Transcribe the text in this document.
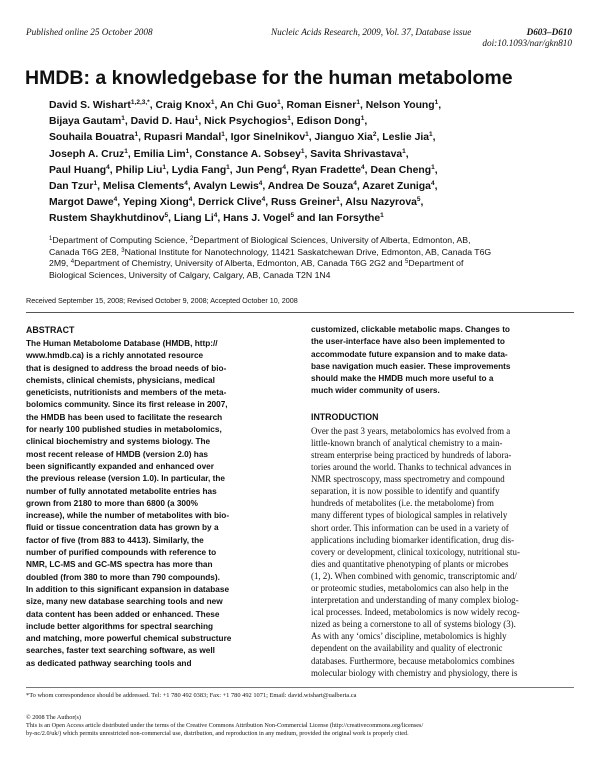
Published online 25 October 2008	Nucleic Acids Research, 2009, Vol. 37, Database issue	D603–D610
doi:10.1093/nar/gkn810
HMDB: a knowledgebase for the human metabolome
David S. Wishart$^{1,2,3,*}$, Craig Knox$^1$, An Chi Guo$^1$, Roman Eisner$^1$, Nelson Young$^1$,
Bijaya Gautam$^1$, David D. Hau$^1$, Nick Psychogios$^1$, Edison Dong$^1$,
Souhaila Bouatra$^1$, Rupasri Mandal$^1$, Igor Sinelnikov$^1$, Jianguo Xia$^2$, Leslie Jia$^1$,
Joseph A. Cruz$^1$, Emilia Lim$^1$, Constance A. Sobsey$^1$, Savita Shrivastava$^1$,
Paul Huang$^4$, Philip Liu$^1$, Lydia Fang$^1$, Jun Peng$^4$, Ryan Fradette$^4$, Dean Cheng$^1$,
Dan Tzur$^1$, Melisa Clements$^4$, Avalyn Lewis$^4$, Andrea De Souza$^4$, Azaret Zuniga$^4$,
Margot Dawe$^4$, Yeping Xiong$^4$, Derrick Clive$^4$, Russ Greiner$^1$, Alsu Nazyrova$^5$,
Rustem Shaykhutdinov$^5$, Liang Li$^4$, Hans J. Vogel$^5$ and Ian Forsythe$^1$
$^1$Department of Computing Science, $^2$Department of Biological Sciences, University of Alberta, Edmonton, AB,
Canada T6G 2E8, $^3$National Institute for Nanotechnology, 11421 Saskatchewan Drive, Edmonton, AB, Canada T6G
2M9, $^4$Department of Chemistry, University of Alberta, Edmonton, AB, Canada T6G 2G2 and $^5$Department of
Biological Sciences, University of Calgary, Calgary, AB, Canada T2N 1N4
Received September 15, 2008; Revised October 9, 2008; Accepted October 10, 2008
ABSTRACT
The Human Metabolome Database (HMDB, http://
www.hmdb.ca) is a richly annotated resource
that is designed to address the broad needs of bio-
chemists, clinical chemists, physicians, medical
geneticists, nutritionists and members of the meta-
bolomics community. Since its first release in 2007,
the HMDB has been used to facilitate the research
for nearly 100 published studies in metabolomics,
clinical biochemistry and systems biology. The
most recent release of HMDB (version 2.0) has
been significantly expanded and enhanced over
the previous release (version 1.0). In particular, the
number of fully annotated metabolite entries has
grown from 2180 to more than 6800 (a 300%
increase), while the number of metabolites with bio-
fluid or tissue concentration data has grown by a
factor of five (from 883 to 4413). Similarly, the
number of purified compounds with reference to
NMR, LC-MS and GC-MS spectra has more than
doubled (from 380 to more than 790 compounds).
In addition to this significant expansion in database
size, many new database searching tools and new
data content has been added or enhanced. These
include better algorithms for spectral searching
and matching, more powerful chemical substructure
searches, faster text searching software, as well
as dedicated pathway searching tools and
customized, clickable metabolic maps. Changes to
the user-interface have also been implemented to
accommodate future expansion and to make data-
base navigation much easier. These improvements
should make the HMDB much more useful to a
much wider community of users.
INTRODUCTION
Over the past 3 years, metabolomics has evolved from a
little-known branch of analytical chemistry to a main-
stream enterprise being practiced by hundreds of labora-
tories around the world. Thanks to technical advances in
NMR spectroscopy, mass spectrometry and compound
separation, it is now possible to identify and quantify
hundreds of metabolites (i.e. the metabolome) from
many different types of biological samples in relatively
short order. This information can be used in a variety of
applications including biomarker identification, drug dis-
covery or development, clinical toxicology, nutritional stu-
dies and quantitative phenotyping of plants or microbes
(1, 2). When combined with genomic, transcriptomic and/
or proteomic studies, metabolomics can also help in the
interpretation and understanding of many complex biolog-
ical processes. Indeed, metabolomics is now widely recog-
nized as being a cornerstone to all of systems biology (3).
As with any ‘omics’ discipline, metabolomics is highly
dependent on the availability and quality of electronic
databases. Furthermore, because metabolomics combines
molecular biology with chemistry and physiology, there is
*To whom correspondence should be addressed. Tel: +1 780 492 0383; Fax: +1 780 492 1071; Email: david.wishart@ualberta.ca
© 2008 The Author(s)
This is an Open Access article distributed under the terms of the Creative Commons Attribution Non-Commercial License (http://creativecommons.org/licenses/
by-nc/2.0/uk/) which permits unrestricted non-commercial use, distribution, and reproduction in any medium, provided the original work is properly cited.
